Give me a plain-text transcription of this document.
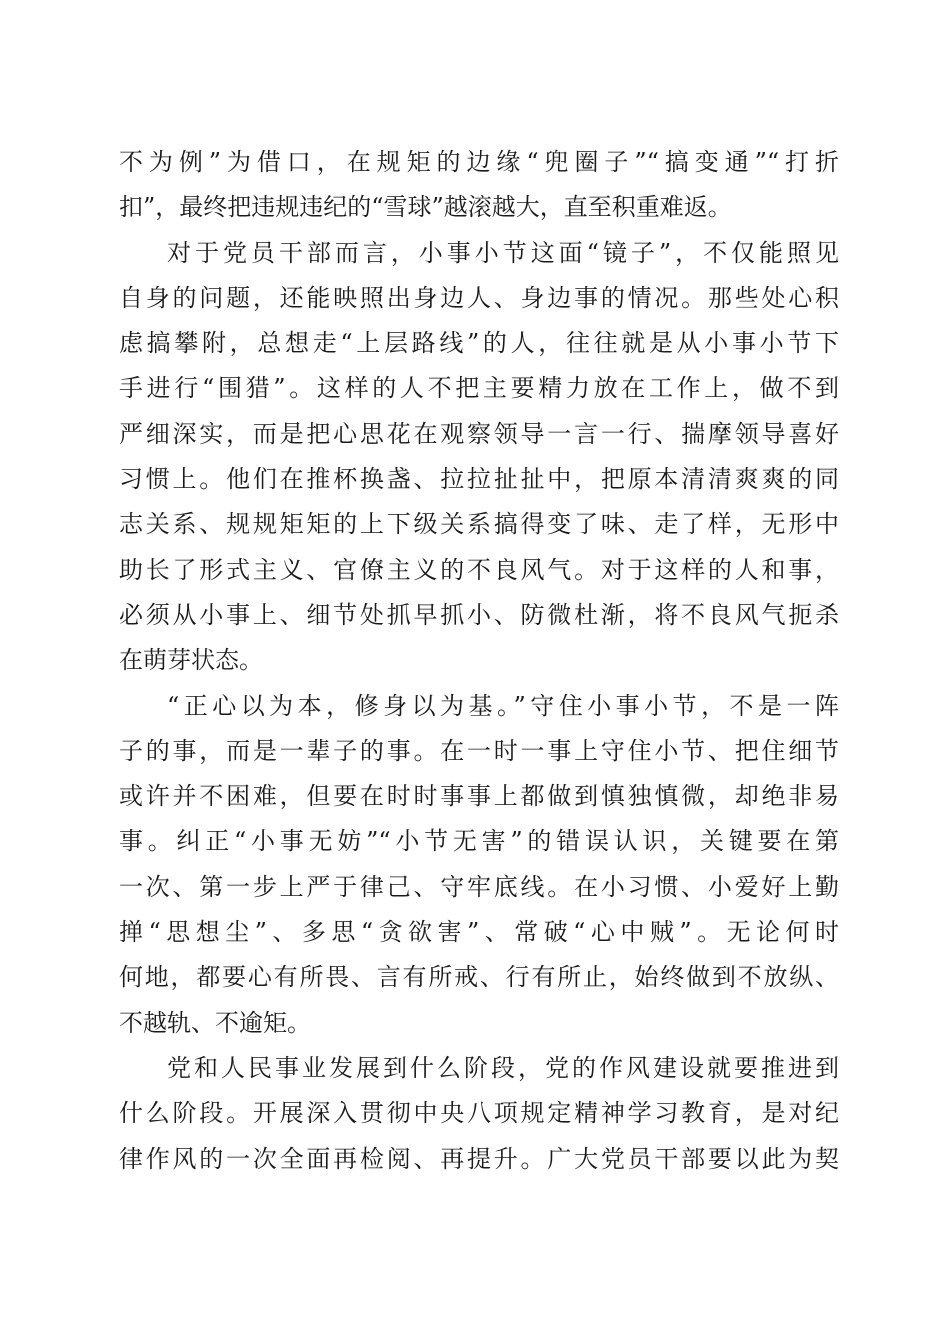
不为例”为借口，在规矩的边缘“兜圈子”“搞变通”“打折
扣”，最终把违规违纪的“雪球”越滚越大，直至积重难返。
对于党员干部而言，小事小节这面“镜子”，不仅能照见
自身的问题，还能映照出身边人、身边事的情况。那些处心积
虑搞攀附，总想走“上层路线”的人，往往就是从小事小节下
手进行“围猎”。这样的人不把主要精力放在工作上，做不到
严细深实，而是把心思花在观察领导一言一行、揣摩领导喜好
习惯上。他们在推杯换盏、拉拉扯扯中，把原本清清爽爽的同
志关系、规规矩矩的上下级关系搞得变了味、走了样，无形中
助长了形式主义、官僚主义的不良风气。对于这样的人和事，
必须从小事上、细节处抓早抓小、防微杜渐，将不良风气扼杀
在萌芽状态。
“正心以为本，修身以为基。”守住小事小节，不是一阵
子的事，而是一辈子的事。在一时一事上守住小节、把住细节
或许并不困难，但要在时时事事上都做到慎独慎微，却绝非易
事。纠正“小事无妨”“小节无害”的错误认识，关键要在第
一次、第一步上严于律己、守牢底线。在小习惯、小爱好上勤
掸“思想尘”、多思“贪欲害”、常破“心中贼”。无论何时
何地，都要心有所畏、言有所戒、行有所止，始终做到不放纵、
不越轨、不逾矩。
党和人民事业发展到什么阶段，党的作风建设就要推进到
什么阶段。开展深入贯彻中央八项规定精神学习教育，是对纪
律作风的一次全面再检阅、再提升。广大党员干部要以此为契
